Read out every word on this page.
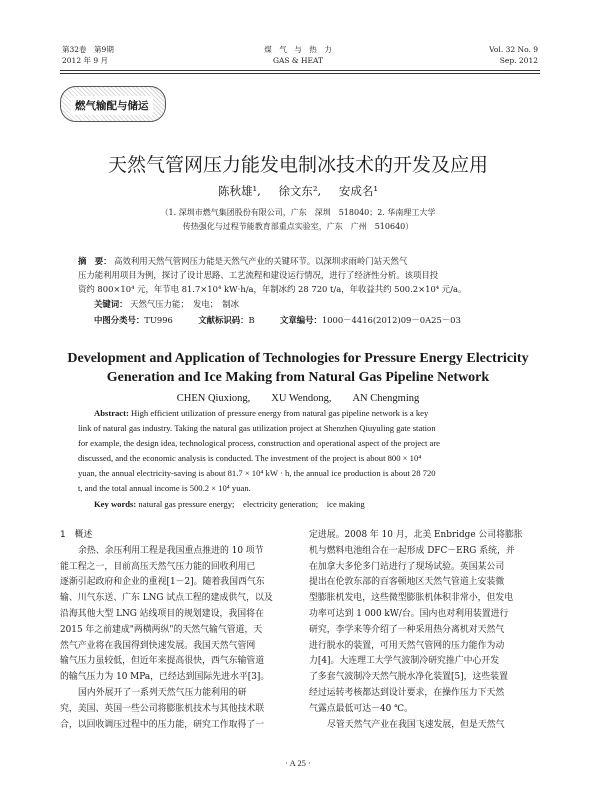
第32卷　第9期
2012 年 9 月
煤　气　与　热　力
GAS & HEAT
Vol. 32 No. 9
Sep. 2012
燃气输配与储运
天然气管网压力能发电制冰技术的开发及应用
陈秋雄¹, 徐文东², 安成名¹
（1. 深圳市燃气集团股份有限公司，广东　深圳　518040；2. 华南理工大学
传热强化与过程节能教育部重点实验室，广东　广州　510640）
摘　要： 高效利用天然气管网压力能是天然气产业的关键环节。以深圳求雨岭门站天然气
压力能利用项目为例，探讨了设计思路、工艺流程和建设运行情况，进行了经济性分析。该项目投
资约 800×10⁴ 元，年节电 81.7×10⁴ kW·h/a，年制冰约 28 720 t/a，年收益共约 500.2×10⁴ 元/a。
关键词： 天然气压力能；　发电；　制冰
中图分类号：TU996	文献标识码：B	文章编号：1000－4416(2012)09－0A25－03
Development and Application of Technologies for Pressure Energy Electricity
Generation and Ice Making from Natural Gas Pipeline Network
CHEN Qiuxiong,　　XU Wendong,　　AN Chengming
Abstract: High efficient utilization of pressure energy from natural gas pipeline network is a key
link of natural gas industry. Taking the natural gas utilization project at Shenzhen Qiuyuling gate station
for example, the design idea, technological process, construction and operational aspect of the project are
discussed, and the economic analysis is conducted. The investment of the project is about 800 × 10⁴
yuan, the annual electricity-saving is about 81.7 × 10⁴ kW · h, the annual ice production is about 28 720
t, and the total annual income is 500.2 × 10⁴ yuan.
Key words: natural gas pressure energy;　electricity generation;　ice making
1　概述
余热、余压利用工程是我国重点推进的 10 项节
能工程之一，目前高压天然气压力能的回收利用已
逐渐引起政府和企业的重视[1－2]。随着我国西气东
输、川气东送、广东 LNG 试点工程的建成供气，以及
沿海其他大型 LNG 站线项目的规划建设，我国将在
2015 年之前建成"两横两纵"的天然气输气管道，天
然气产业将在我国得到快速发展。我国天然气管网
输气压力虽较低，但近年来提高很快，西气东输管道
的输气压力为 10 MPa，已经达到国际先进水平[3]。
国内外展开了一系列天然气压力能利用的研
究，美国、英国一些公司将膨胀机技术与其他技术联
合，以回收调压过程中的压力能，研究工作取得了一
定进展。2008 年 10 月，北美 Enbridge 公司将膨胀
机与燃料电池组合在一起形成 DFC－ERG 系统，并
在加拿大多伦多门站进行了现场试验。英国某公司
提出在伦敦东部的百客顿地区天然气管道上安装微
型膨胀机发电，这些微型膨胀机体积非常小，但发电
功率可达到 1 000 kW/台。国内也对利用装置进行
研究，李学来等介绍了一种采用热分离机对天然气
进行脱水的装置，可用天然气管网的压力能作为动
力[4]。大连理工大学气波制冷研究推广中心开发
了多套气波制冷天然气脱水净化装置[5]，这些装置
经过运转考核都达到设计要求，在操作压力下天然
气露点最低可达－40 ℃。
尽管天然气产业在我国飞速发展，但是天然气
· A 25 ·
